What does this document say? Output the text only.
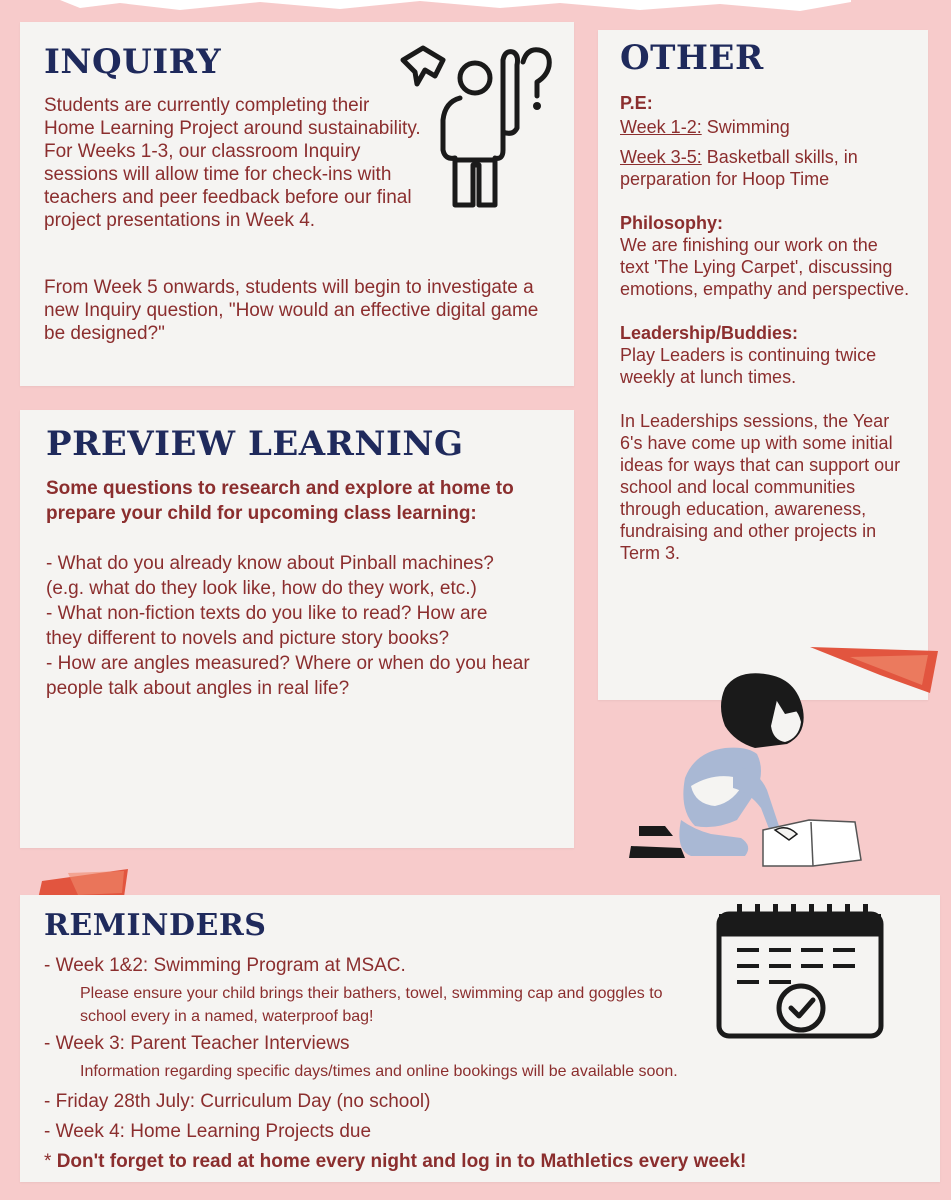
INQUIRY

Students are currently completing their Home Learning Project around sustainability. For Weeks 1-3, our classroom Inquiry sessions will allow time for check-ins with teachers and peer feedback before our final project presentations in Week 4.

From Week 5 onwards, students will begin to investigate a new Inquiry question, "How would an effective digital game be designed?"

OTHER

P.E:

Week 1-2: Swimming

Week 3-5: Basketball skills, in perparation for Hoop Time

Philosophy:

We are finishing our work on the text 'The Lying Carpet', discussing emotions, empathy and perspective.

Leadership/Buddies:

Play Leaders is continuing twice weekly at lunch times.

In Leaderships sessions, the Year 6's have come up with some initial ideas for ways that can support our school and local communities through education, awareness, fundraising and other projects in Term 3.

PREVIEW LEARNING

Some questions to research and explore at home to prepare your child for upcoming class learning:

- What do you already know about Pinball machines? (e.g. what do they look like, how do they work, etc.)

- What non-fiction texts do you like to read? How are they different to novels and picture story books?

- How are angles measured? Where or when do you hear people talk about angles in real life?

REMINDERS

- Week 1&2: Swimming Program at MSAC.

Please ensure your child brings their bathers, towel, swimming cap and goggles to school every in a named, waterproof bag!

- Week 3: Parent Teacher Interviews

Information regarding specific days/times and online bookings will be available soon.

- Friday 28th July: Curriculum Day (no school)

- Week 4: Home Learning Projects due

* Don't forget to read at home every night and log in to Mathletics every week!
